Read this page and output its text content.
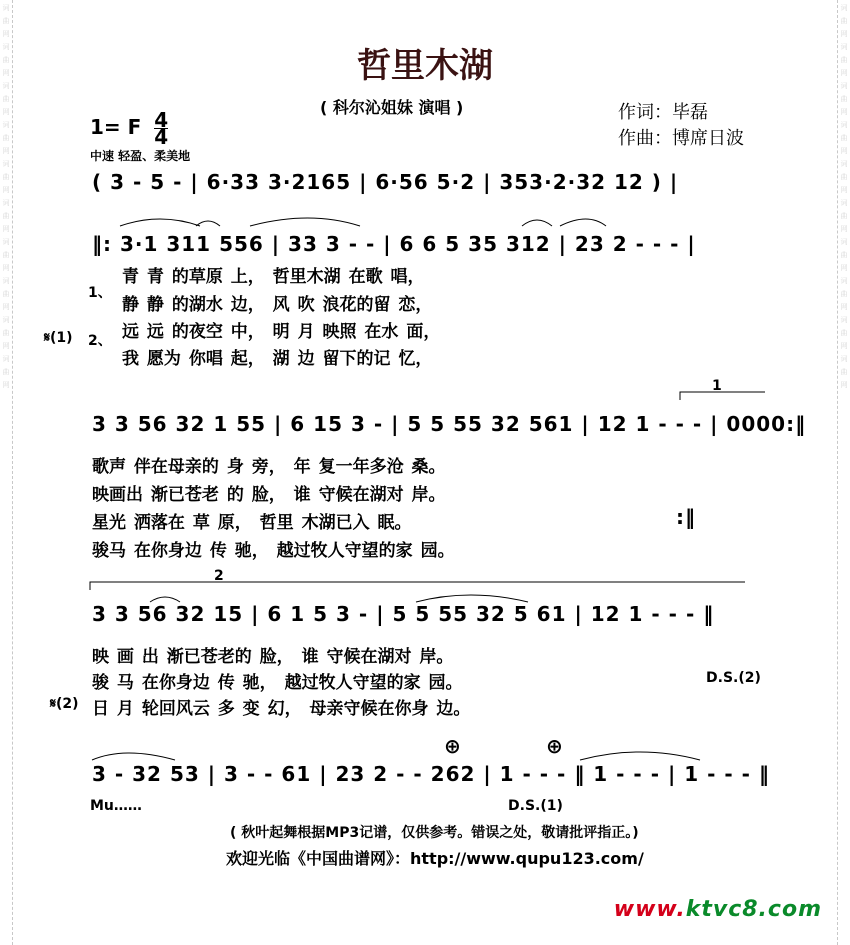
词
曲
网
词
曲
网
词
曲
网
词
曲
网
词
曲
网
词
曲
网
词
曲
网
词
曲
网
词
曲
网
词
曲
网
词
曲
网
词
曲
网
词
曲
网
词
曲
网
词
曲
网
词
曲
网
词
曲
网
词
曲
网
词
曲
网
词
曲
网
哲里木湖
( 科尔沁姐妹 演唱 )	作词：毕磊
作曲：博席日波
1= F $\frac{4}{4}$
中速 轻盈、柔美地
( 3 - 5 - | 6·33 3·2165 | 6·56 5·2 | 353·2·32 12 ) |
‖: 3·1 311 556 | 33 3 - - | 6 6 5 35 312 | 23 2 - - - |
1、
2、
𝄋(1)
青 青 的草原 上， 哲里木湖 在歌 唱，
静 静 的湖水 边， 风 吹 浪花的留 恋，
远 远 的夜空 中， 明 月 映照 在水 面，
我 愿为 你唱 起， 湖 边 留下的记 忆，
1
3 3 56 32 1 55 | 6 15 3 - | 5 5 55 32 561 | 12 1 - - - | 0000:‖
歌声 伴在母亲的 身 旁， 年 复一年多沧 桑。
映画出 渐已苍老 的 脸， 谁 守候在湖对 岸。
星光 洒落在 草 原， 哲里 木湖已入 眠。	:‖
骏马 在你身边 传 驰， 越过牧人守望的家 园。
2
3 3 56 32 15 | 6 1 5 3 - | 5 5 55 32 5 61 | 12 1 - - - ‖
映 画 出 渐已苍老的 脸， 谁 守候在湖对 岸。
骏 马 在你身边 传 驰， 越过牧人守望的家 园。	D.S.(2)
𝄋(2) 日 月 轮回风云 多 变 幻， 母亲守候在你身 边。
⊕	⊕
3 - 32 53 | 3 - - 61 | 23 2 - - 262 | 1 - - - ‖ 1 - - - | 1 - - - ‖
Mu……	D.S.(1)
( 秋叶起舞根据MP3记谱，仅供参考。错误之处，敬请批评指正。)
欢迎光临《中国曲谱网》：http://www.qupu123.com/
www.ktvc8.com
